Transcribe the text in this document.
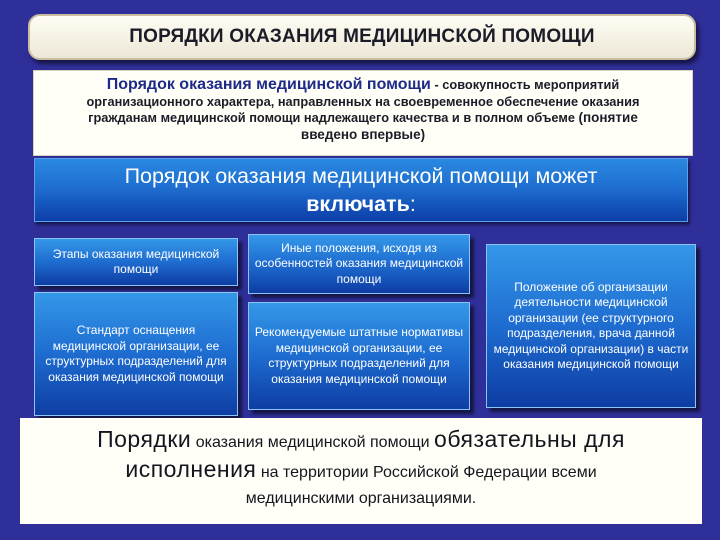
ПОРЯДКИ ОКАЗАНИЯ МЕДИЦИНСКОЙ ПОМОЩИ
Порядок оказания медицинской помощи - совокупность мероприятий
организационного характера, направленных на своевременное обеспечение оказания
гражданам медицинской помощи надлежащего качества и в полном объеме (понятие
введено впервые)
Порядок оказания медицинской помощи может
включать:
Этапы оказания медицинской помощи
Стандарт оснащения медицинской организации, ее структурных подразделений для оказания медицинской помощи
Иные положения, исходя из особенностей оказания медицинской помощи
Рекомендуемые штатные нормативы медицинской организации, ее структурных подразделений для оказания медицинской помощи
Положение об организации деятельности медицинской организации (ее структурного подразделения, врача данной медицинской организации) в части оказания медицинской помощи
Порядки оказания медицинской помощи обязательны для
исполнения на территории Российской Федерации всеми
медицинскими организациями.
